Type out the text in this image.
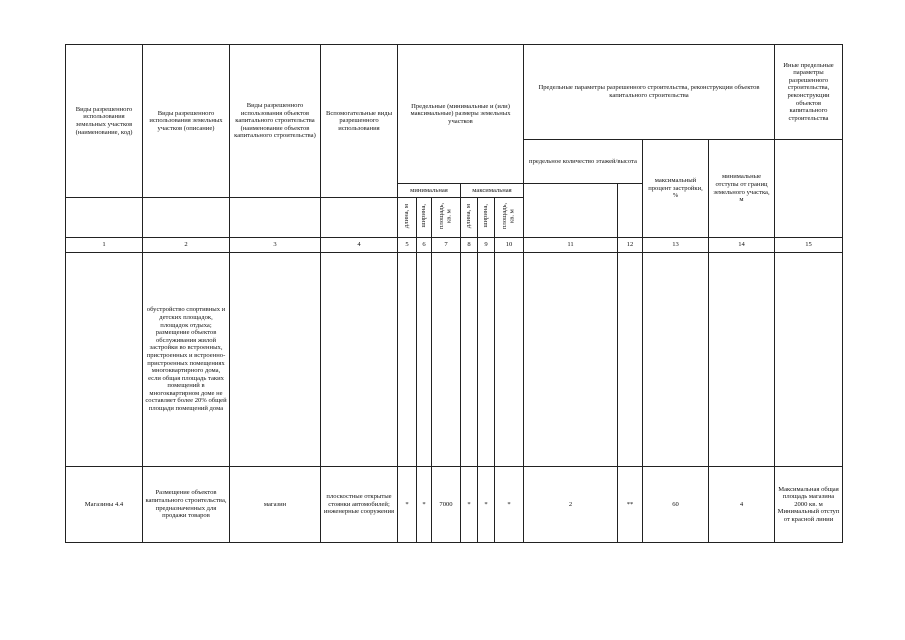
Виды разрешенного использования земельных участков (наименование, код)	Виды разрешенного использования земельных участков (описание)	Виды разрешенного использования объектов капитального строительства (наименование объектов капитального строительства)	Вспомогательные виды разрешенного использования	Предельные (минимальные и (или) максимальные) размеры земельных участков						Предельные параметры разрешенного строительства, реконструкции объектов капитального строительства				Иные предельные параметры разрешенного строительства, реконструкции объектов капитального строительства
										предельное количество этажей/высота		максимальный процент застройки, %	минимальные отступы от границ земельного участка, м	
				минимальная			максимальная							
				длина, м	ширина,	площадь, кв. м	длина, м	ширина,	площадь, кв. м					
1	2	3	4	5	6	7	8	9	10	11	12	13	14	15
	обустройство спортивных и детских площадок, площадок отдыха; размещение объектов обслуживания жилой застройки во встроенных, пристроенных и встроенно-пристроенных помещениях многоквартирного дома, если общая площадь таких помещений в многоквартирном доме не составляет более 20% общей площади помещений дома													
Магазины 4.4	Размещение объектов капитального строительства, предназначенных для продажи товаров	магазин	плоскостные открытые стоянки автомобилей; инженерные сооружения	*	*	7000	*	*	*	2	**	60	4	Максимальная общая площадь магазина 2000 кв. м Минимальный отступ от красной линии
